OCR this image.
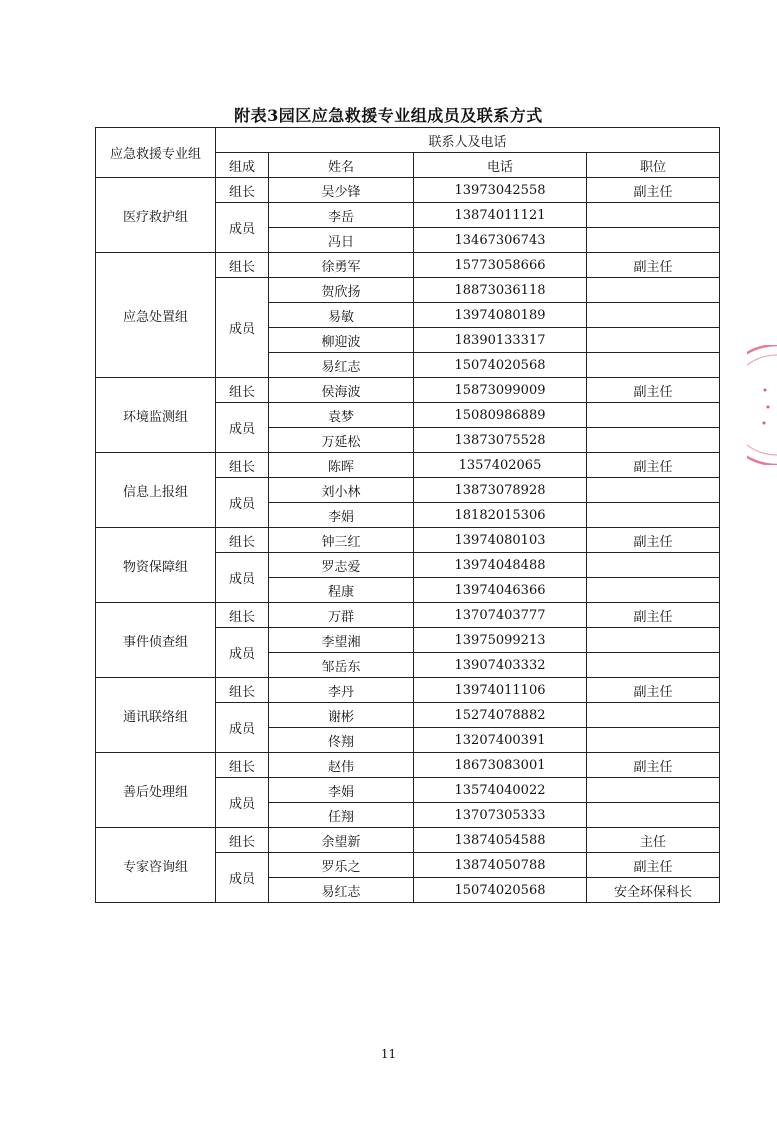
附表3园区应急救援专业组成员及联系方式
应急救援专业组	联系人及电话			
	组成	姓名	电话	职位
医疗救护组	组长	吴少锋	13973042558	副主任
	成员	李岳	13874011121	
		冯日	13467306743	
应急处置组	组长	徐勇军	15773058666	副主任
	成员	贺欣扬	18873036118	
		易敏	13974080189	
		柳迎波	18390133317	
		易红志	15074020568	
环境监测组	组长	侯海波	15873099009	副主任
	成员	袁梦	15080986889	
		万延松	13873075528	
信息上报组	组长	陈晖	1357402065	副主任
	成员	刘小林	13873078928	
		李娟	18182015306	
物资保障组	组长	钟三红	13974080103	副主任
	成员	罗志爱	13974048488	
		程康	13974046366	
事件侦查组	组长	万群	13707403777	副主任
	成员	李望湘	13975099213	
		邹岳东	13907403332	
通讯联络组	组长	李丹	13974011106	副主任
	成员	谢彬	15274078882	
		佟翔	13207400391	
善后处理组	组长	赵伟	18673083001	副主任
	成员	李娟	13574040022	
		任翔	13707305333	
专家咨询组	组长	余望新	13874054588	主任
	成员	罗乐之	13874050788	副主任
		易红志	15074020568	安全环保科长
11
